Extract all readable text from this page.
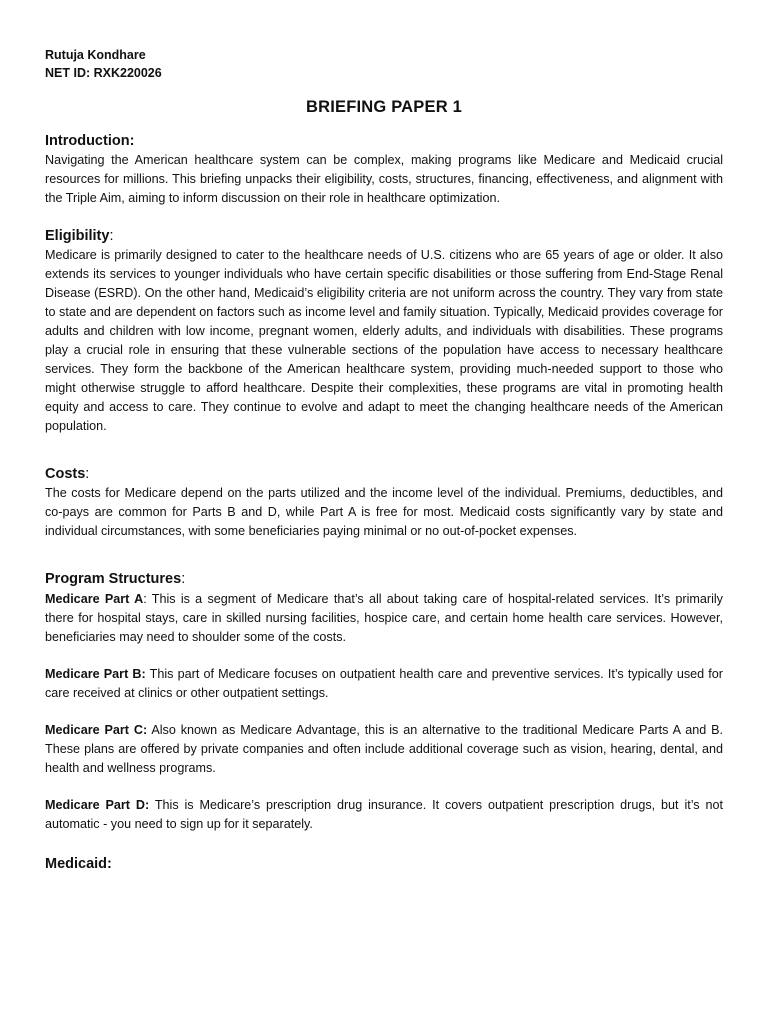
Rutuja Kondhare
NET ID: RXK220026
BRIEFING PAPER 1
Introduction:

Navigating the American healthcare system can be complex, making programs like Medicare and Medicaid crucial resources for millions. This briefing unpacks their eligibility, costs, structures, financing, effectiveness, and alignment with the Triple Aim, aiming to inform discussion on their role in healthcare optimization.

Eligibility:

Medicare is primarily designed to cater to the healthcare needs of U.S. citizens who are 65 years of age or older. It also extends its services to younger individuals who have certain specific disabilities or those suffering from End-Stage Renal Disease (ESRD). On the other hand, Medicaid’s eligibility criteria are not uniform across the country. They vary from state to state and are dependent on factors such as income level and family situation. Typically, Medicaid provides coverage for adults and children with low income, pregnant women, elderly adults, and individuals with disabilities. These programs play a crucial role in ensuring that these vulnerable sections of the population have access to necessary healthcare services. They form the backbone of the American healthcare system, providing much-needed support to those who might otherwise struggle to afford healthcare. Despite their complexities, these programs are vital in promoting health equity and access to care. They continue to evolve and adapt to meet the changing healthcare needs of the American population.

Costs:

The costs for Medicare depend on the parts utilized and the income level of the individual. Premiums, deductibles, and co-pays are common for Parts B and D, while Part A is free for most. Medicaid costs significantly vary by state and individual circumstances, with some beneficiaries paying minimal or no out-of-pocket expenses.

Program Structures:

Medicare Part A: This is a segment of Medicare that’s all about taking care of hospital-related services. It’s primarily there for hospital stays, care in skilled nursing facilities, hospice care, and certain home health care services. However, beneficiaries may need to shoulder some of the costs.

Medicare Part B: This part of Medicare focuses on outpatient health care and preventive services. It’s typically used for care received at clinics or other outpatient settings.

Medicare Part C: Also known as Medicare Advantage, this is an alternative to the traditional Medicare Parts A and B. These plans are offered by private companies and often include additional coverage such as vision, hearing, dental, and health and wellness programs.

Medicare Part D: This is Medicare’s prescription drug insurance. It covers outpatient prescription drugs, but it’s not automatic - you need to sign up for it separately.

Medicaid:
